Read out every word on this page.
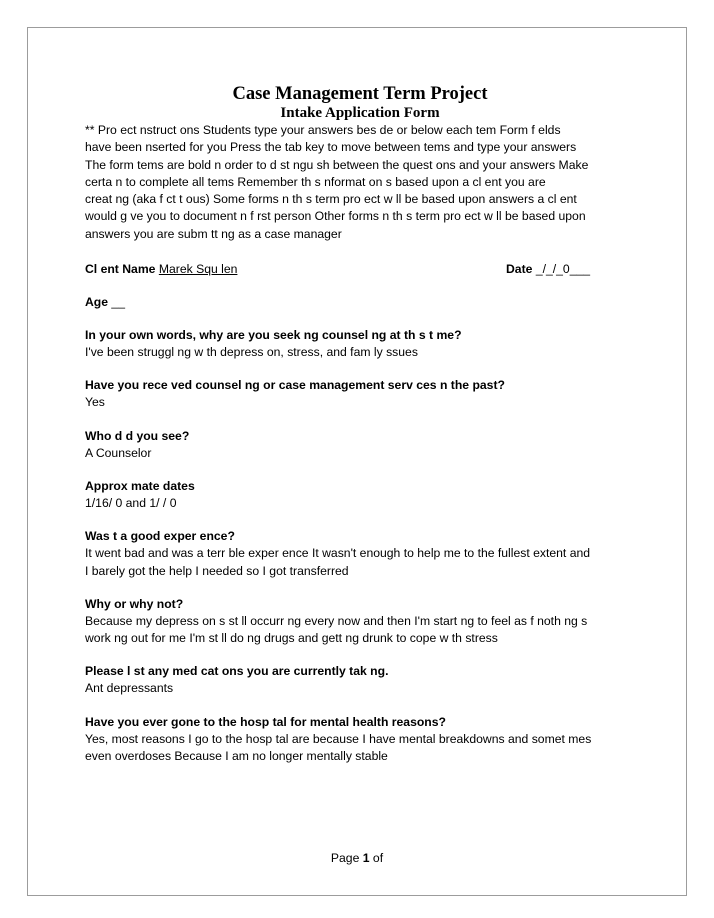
Case Management Term Project
Intake Application Form

** Pro ect nstruct ons Students type your answers bes de or below each tem Form f elds
have been nserted for you Press the tab key to move between tems and type your answers
The form tems are bold n order to d st ngu sh between the quest ons and your answers Make
certa n to complete all tems Remember th s nformat on s based upon a cl ent you are
creat ng (aka f ct t ous) Some forms n th s term pro ect w ll be based upon answers a cl ent
would g ve you to document n f rst person Other forms n th s term pro ect w ll be based upon
answers you are subm tt ng as a case manager

Cl ent Name Marek Squ len	Date _/_/_0___
Age __

In your own words, why are you seek ng counsel ng at th s t me?

I've been struggl ng w th depress on, stress, and fam ly ssues

Have you rece ved counsel ng or case management serv ces n the past?

Yes

Who d d you see?

A Counselor

Approx mate dates

1/16/ 0 and 1/ / 0

Was t a good exper ence?

It went bad and was a terr ble exper ence It wasn't enough to help me to the fullest extent and
I barely got the help I needed so I got transferred

Why or why not?

Because my depress on s st ll occurr ng every now and then I'm start ng to feel as f noth ng s
work ng out for me I'm st ll do ng drugs and gett ng drunk to cope w th stress

Please l st any med cat ons you are currently tak ng.

Ant depressants

Have you ever gone to the hosp tal for mental health reasons?

Yes, most reasons I go to the hosp tal are because I have mental breakdowns and somet mes
even overdoses Because I am no longer mentally stable

Page 1 of
